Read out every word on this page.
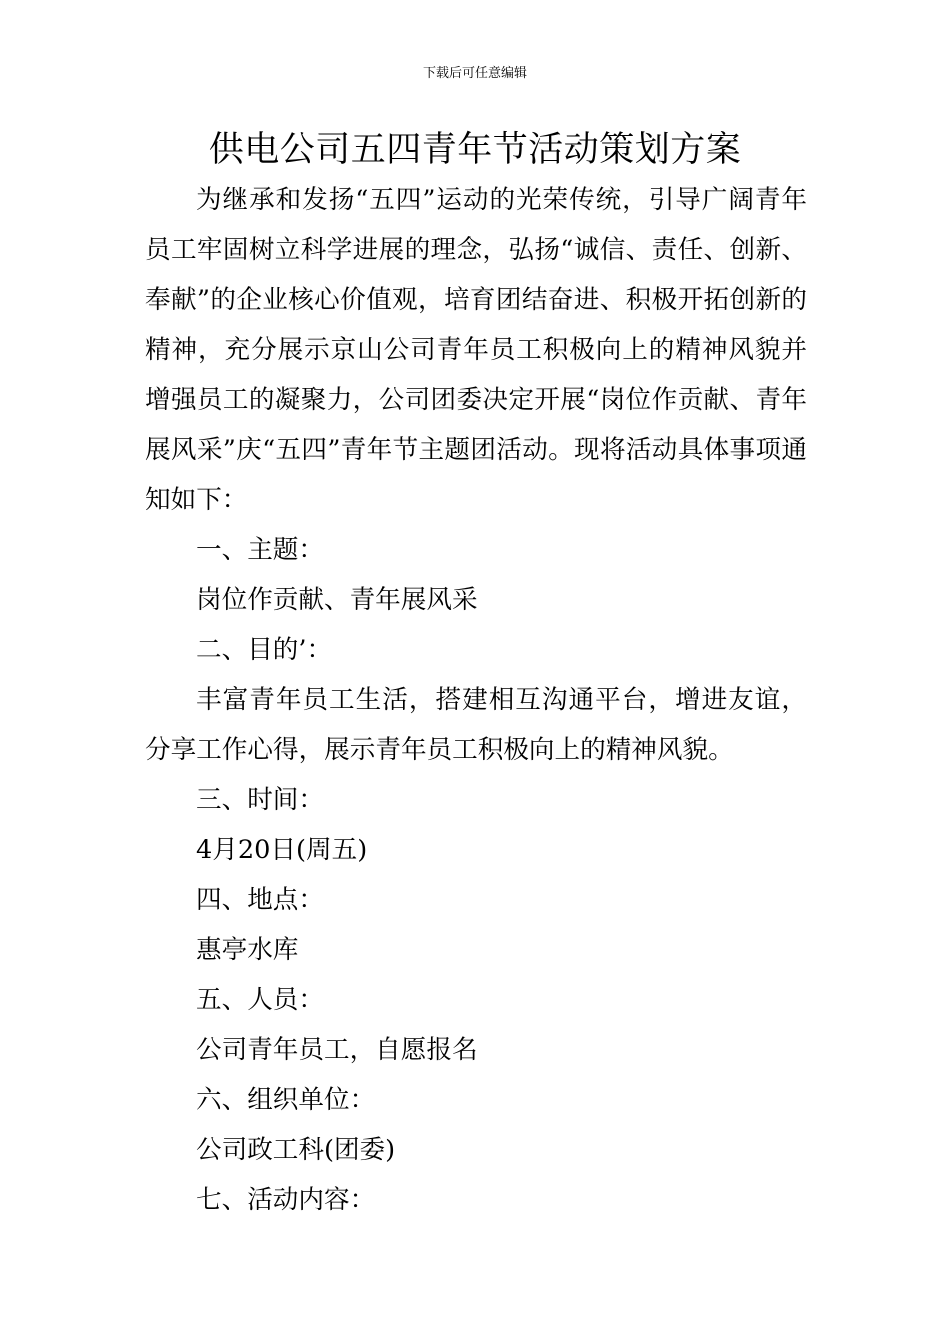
下载后可任意编辑
供电公司五四青年节活动策划方案

为继承和发扬“五四”运动的光荣传统，引导广阔青年员工牢固树立科学进展的理念，弘扬“诚信、责任、创新、奉献”的企业核心价值观，培育团结奋进、积极开拓创新的精神，充分展示京山公司青年员工积极向上的精神风貌并增强员工的凝聚力，公司团委决定开展“岗位作贡献、青年展风采”庆“五四”青年节主题团活动。现将活动具体事项通知如下：

一、主题：

岗位作贡献、青年展风采

二、目的’：

丰富青年员工生活，搭建相互沟通平台，增进友谊，分享工作心得，展示青年员工积极向上的精神风貌。

三、时间：

4月20日(周五)

四、地点：

惠亭水库

五、人员：

公司青年员工，自愿报名

六、组织单位：

公司政工科(团委)

七、活动内容：
